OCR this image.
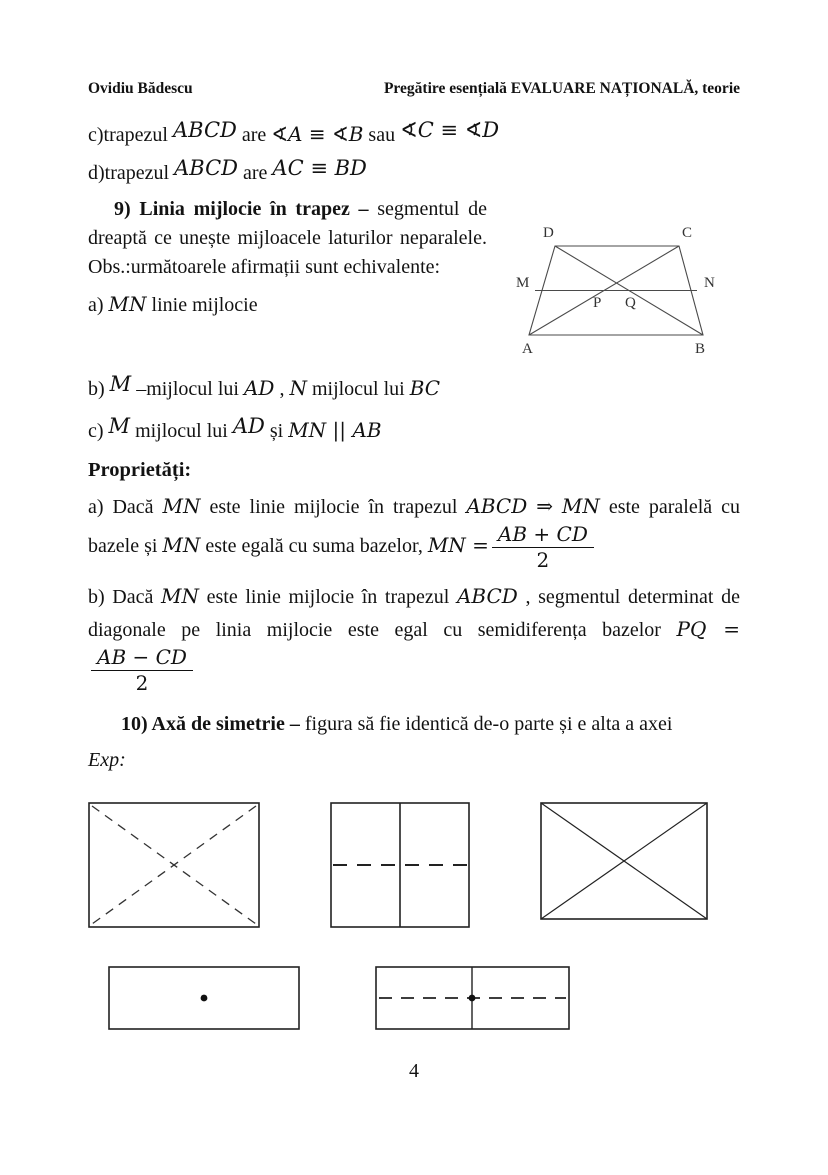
Ovidiu Bădescu	Pregătire esențială EVALUARE NAȚIONALĂ, teorie

c)trapezul ABCD are ∢A ≡ ∢B sau ∢C ≡ ∢D

d)trapezul ABCD are AC ≡ BD

D	C
M	N
P Q
A	B

9) Linia mijlocie în trapez – segmentul de dreaptă ce unește mijloacele laturilor neparalele. Obs.:următoarele afirmații sunt echivalente:

a) MN linie mijlocie

b) M –mijlocul lui AD , N mijlocul lui BC

c) M mijlocul lui AD și MN || AB

Proprietăți:

a) Dacă MN este linie mijlocie în trapezul ABCD ⇒ MN este paralelă cu bazele și MN este egală cu suma bazelor, MN = $\frac{AB + CD}{2}$

b) Dacă MN este linie mijlocie în trapezul ABCD , segmentul determinat de diagonale pe linia mijlocie este egal cu semidiferența bazelor PQ =
$\frac{AB - CD}{2}$

10) Axă de simetrie – figura să fie identică de-o parte și e alta a axei

Exp:

4
